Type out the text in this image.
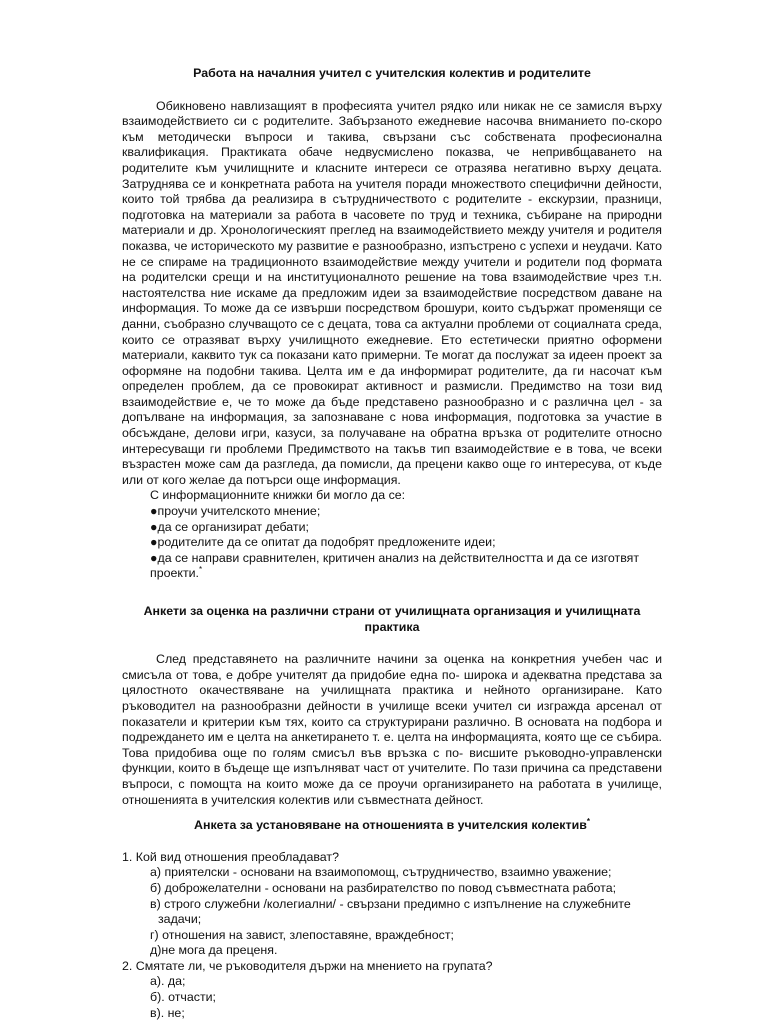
Работа на началния учител с учителския колектив и родителите

Обикновено навлизащият в професията учител рядко или никак не се замисля върху взаимодействието си с родителите. Забързаното ежедневие насочва вниманието по-скоро към методически въпроси и такива, свързани със собствената професионална квалификация. Практиката обаче недвусмислено показва, че непривбщаването на родителите към училищните и класните интереси се отразява негативно върху децата. Затруднява се и конкретната работа на учителя поради множеството специфични дейности, които той трябва да реализира в сътрудничеството с родителите - екскурзии, празници, подготовка на материали за работа в часовете по труд и техника, събиране на природни материали и др. Хронологическият преглед на взаимодействието между учителя и родителя показва, че историческото му развитие е разнообразно, изпъстрено с успехи и неудачи. Като не се спираме на традиционното взаимодействие между учители и родители под формата на родителски срещи и на институционалното решение на това взаимодействие чрез т.н. настоятелства ние искаме да предложим идеи за взаимодействие посредством даване на информация. То може да се извърши посредством брошури, които съдържат променящи се данни, съобразно случващото се с децата, това са актуални проблеми от социалната среда, които се отразяват върху училищното ежедневие. Ето естетически приятно оформени материали, каквито тук са показани като примерни. Те могат да послужат за идеен проект за оформяне на подобни такива. Целта им е да информират родителите, да ги насочат към определен проблем, да се провокират активност и размисли. Предимство на този вид взаимодействие е, че то може да бъде представено разнообразно и с различна цел - за допълване на информация, за запознаване с нова информация, подготовка за участие в обсъждане, делови игри, казуси, за получаване на обратна връзка от родителите относно интересуващи ги проблеми Предимството на такъв тип взаимодействие е в това, че всеки възрастен може сам да разгледа, да помисли, да прецени какво още го интересува, от къде или от кого желае да потърси още информация.

С информационните книжки би могло да се:

●проучи учителското мнение;
●да се организират дебати;
●родителите да се опитат да подобрят предложените идеи;
●да се направи сравнителен, критичен анализ на действителността и да се изготвят проекти.*
Анкети за оценка на различни страни от училищната организация и училищната практика

След представянето на различните начини за оценка на конкретния учебен час и смисъла от това, е добре учителят да придобие една по- широка и адекватна представа за цялостното окачествяване на училищната практика и нейното организиране. Като ръководител на разнообразни дейности в училище всеки учител си изгражда арсенал от показатели и критерии към тях, които са структурирани различно. В основата на подбора и подреждането им е целта на анкетирането т. е. целта на информацията, която ще се събира. Това придобива още по голям смисъл във връзка с по- висшите ръководно-управленски функции, които в бъдеще ще изпълняват част от учителите. По тази причина са представени въпроси, с помощта на които може да се проучи организирането на работата в училище, отношенията в учителския колектив или съвместната дейност.

Анкета за установяване на отношенията в учителския колектив*

1. Кой вид отношения преобладават?

а) приятелски - основани на взаимопомощ, сътрудничество, взаимно уважение;
б) доброжелателни - основани на разбирателство по повод съвместната работа;
в) строго служебни /колегиални/ - свързани предимно с изпълнение на служебните задачи;
г) отношения на завист, злепоставяне, враждебност;
д)не мога да преценя.

2. Смятате ли, че ръководителя държи на мнението на групата?

а). да;
б). отчасти;
в). не;
